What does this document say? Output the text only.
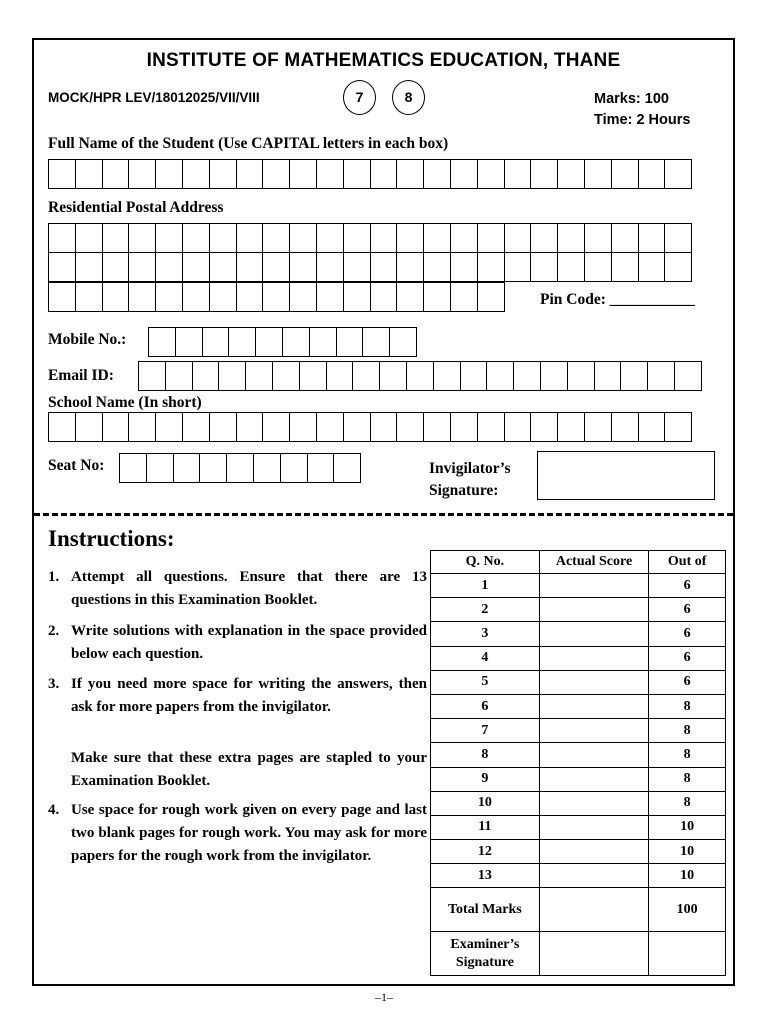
INSTITUTE OF MATHEMATICS EDUCATION, THANE
MOCK/HPR LEV/18012025/VII/VIII	7	8	Marks: 100
Time: 2 Hours
Full Name of the Student (Use CAPITAL letters in each box)
Residential Postal Address
Pin Code: ___________
Mobile No.:
Email ID:
School Name (In short)
Seat No:	Invigilator’s
Signature:
Instructions:
1. Attempt all questions. Ensure that there are 13 questions in this Examination Booklet.
2. Write solutions with explanation in the space provided below each question.
3. If you need more space for writing the answers, then ask for more papers from the invigilator.
Make sure that these extra pages are stapled to your Examination Booklet.
4. Use space for rough work given on every page and last two blank pages for rough work. You may ask for more papers for the rough work from the invigilator.
Q. No.	Actual Score	Out of
1		6
2		6
3		6
4		6
5		6
6		8
7		8
8		8
9		8
10		8
11		10
12		10
13		10
Total Marks		100

Examiner’s
Signature		

–1–
